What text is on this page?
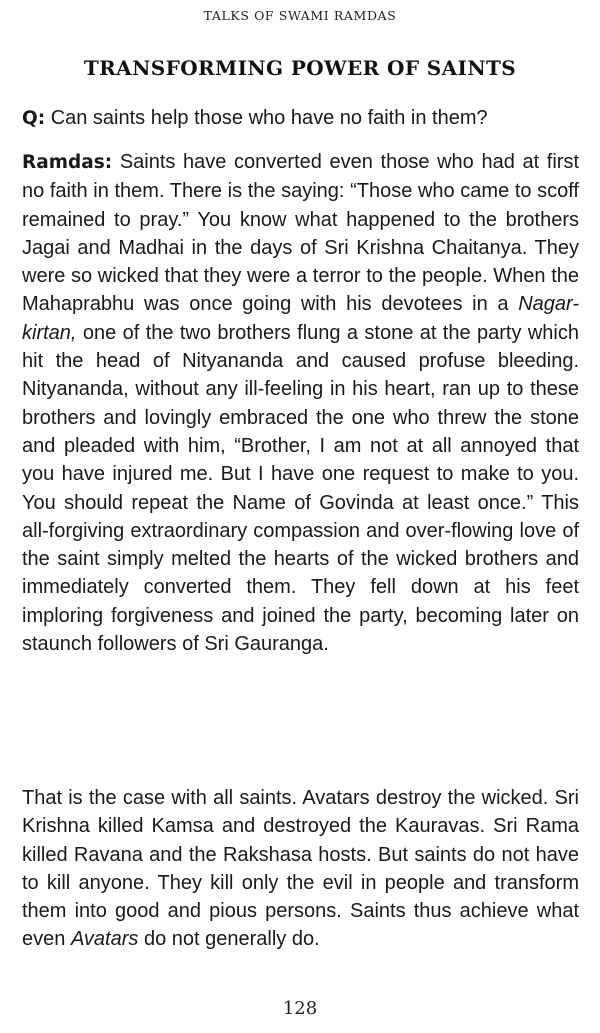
TALKS OF SWAMI RAMDAS
TRANSFORMING POWER OF SAINTS

Q: Can saints help those who have no faith in them?

Ramdas: Saints have converted even those who had at first no faith in them. There is the saying: “Those who came to scoff remained to pray.” You know what happened to the brothers Jagai and Madhai in the days of Sri Krishna Chaitanya. They were so wicked that they were a terror to the people. When the Mahaprabhu was once going with his devotees in a Nagar-kirtan, one of the two brothers flung a stone at the party which hit the head of Nityananda and caused profuse bleeding. Nityananda, without any ill-feeling in his heart, ran up to these brothers and lovingly embraced the one who threw the stone and pleaded with him, “Brother, I am not at all annoyed that you have injured me. But I have one request to make to you. You should repeat the Name of Govinda at least once.” This all-forgiving extraordinary compassion and over-flowing love of the saint simply melted the hearts of the wicked brothers and immediately converted them. They fell down at his feet imploring forgiveness and joined the party, becoming later on staunch followers of Sri Gauranga.

That is the case with all saints. Avatars destroy the wicked. Sri Krishna killed Kamsa and destroyed the Kauravas. Sri Rama killed Ravana and the Rakshasa hosts. But saints do not have to kill anyone. They kill only the evil in people and transform them into good and pious persons. Saints thus achieve what even Avatars do not generally do.

128
